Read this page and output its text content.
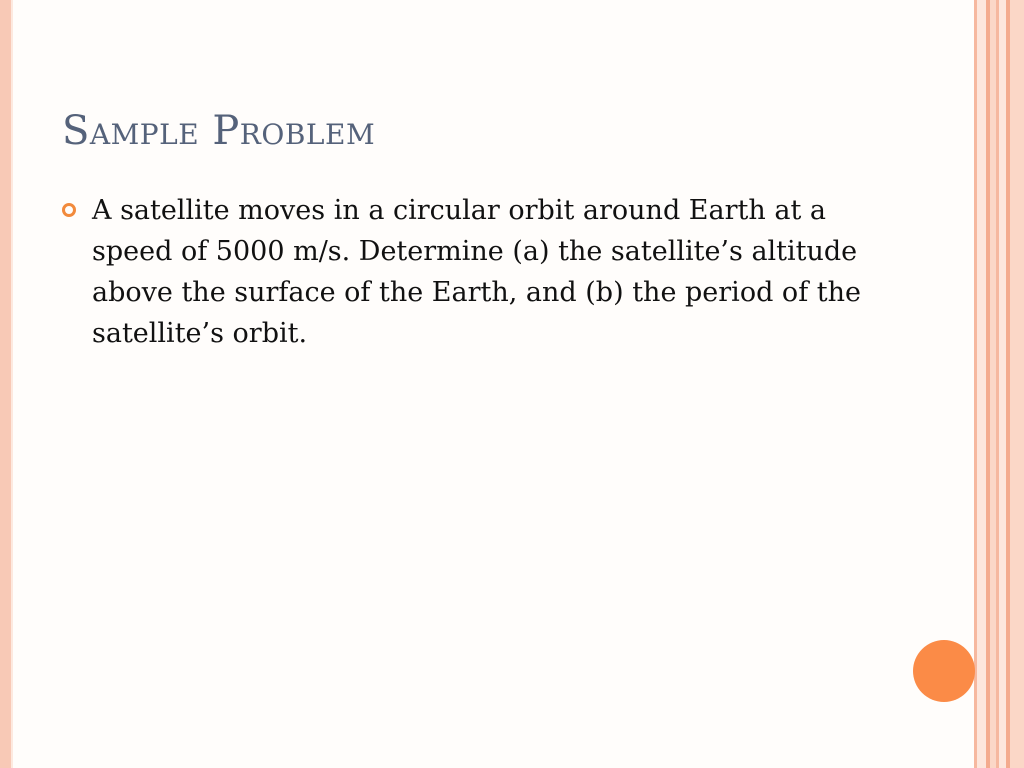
Sample Problem
A satellite moves in a circular orbit around Earth at a speed of 5000 m/s. Determine (a) the satellite’s altitude above the surface of the Earth, and (b) the period of the satellite’s orbit.
